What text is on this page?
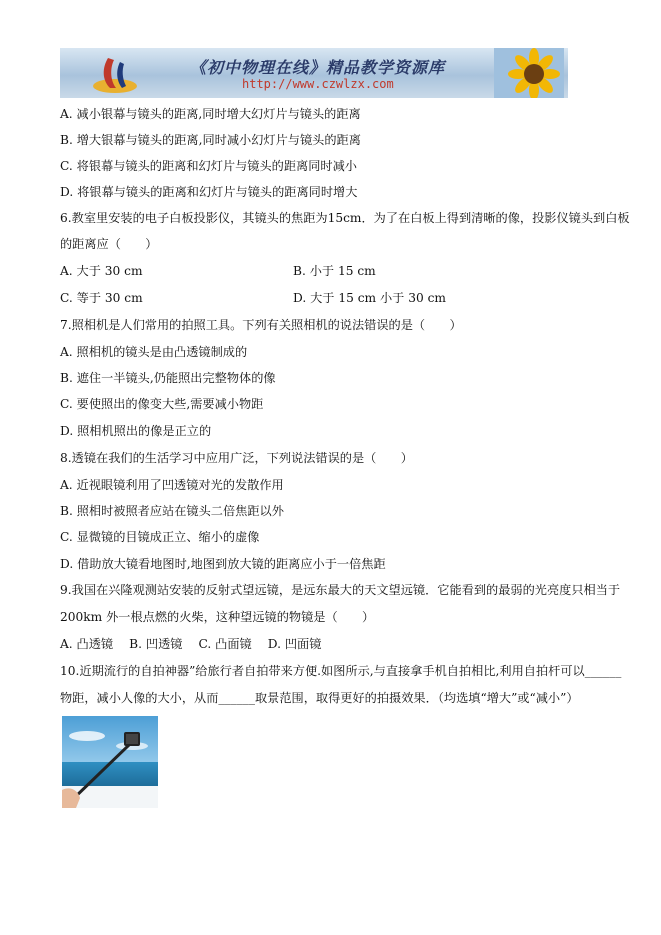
《初中物理在线》精品教学资源库
http://www.czwlzx.com
A. 减小银幕与镜头的距离,同时增大幻灯片与镜头的距离
B. 增大银幕与镜头的距离,同时减小幻灯片与镜头的距离
C. 将银幕与镜头的距离和幻灯片与镜头的距离同时减小
D. 将银幕与镜头的距离和幻灯片与镜头的距离同时增大
6.教室里安装的电子白板投影仪，其镜头的焦距为15cm．为了在白板上得到清晰的像，投影仪镜头到白板
的距离应（　　）
A. 大于 30 cm	B. 小于 15 cm
C. 等于 30 cm	D. 大于 15 cm 小于 30 cm
7.照相机是人们常用的拍照工具。下列有关照相机的说法错误的是（　　）
A. 照相机的镜头是由凸透镜制成的
B. 遮住一半镜头,仍能照出完整物体的像
C. 要使照出的像变大些,需要减小物距
D. 照相机照出的像是正立的
8.透镜在我们的生活学习中应用广泛，下列说法错误的是（　　）
A. 近视眼镜利用了凹透镜对光的发散作用
B. 照相时被照者应站在镜头二倍焦距以外
C. 显微镜的目镜成正立、缩小的虚像
D. 借助放大镜看地图时,地图到放大镜的距离应小于一倍焦距
9.我国在兴隆观测站安装的反射式望远镜，是远东最大的天文望远镜．它能看到的最弱的光亮度只相当于
200km 外一根点燃的火柴，这种望远镜的物镜是（　　）
A. 凸透镜　 B. 凹透镜　 C. 凸面镜　 D. 凹面镜
10.近期流行的自拍神器”给旅行者自拍带来方便.如图所示,与直接拿手机自拍相比,利用自拍杆可以______
物距，减小人像的大小，从而______取景范围，取得更好的拍摄效果．（均选填“增大”或“减小”）
